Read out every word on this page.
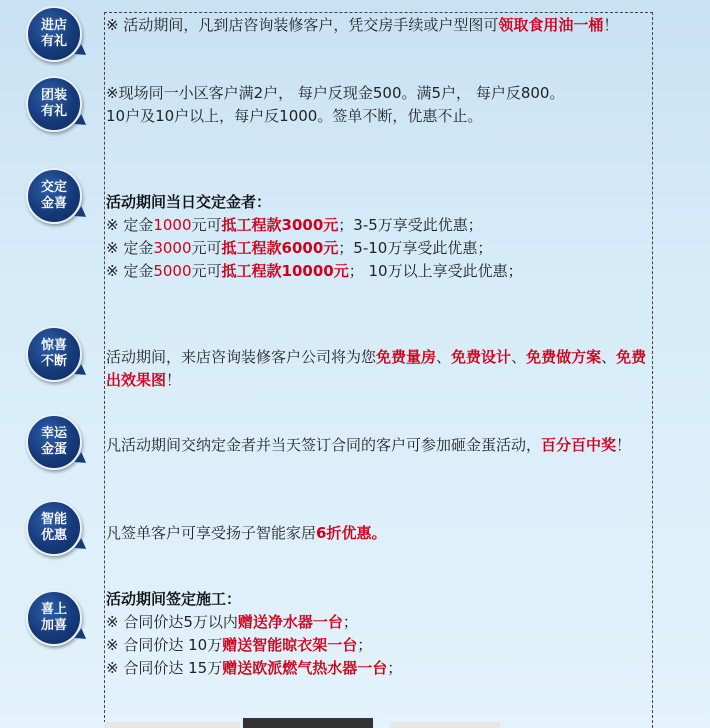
进店
有礼
团装
有礼
交定
金喜
惊喜
不断
幸运
金蛋
智能
优惠
喜上
加喜
※ 活动期间，凡到店咨询装修客户，凭交房手续或户型图可领取食用油一桶！
※现场同一小区客户满2户， 每户反现金500。满5户， 每户反800。
10户及10户以上，每户反1000。签单不断，优惠不止。
活动期间当日交定金者：
※ 定金1000元可抵工程款3000元；3-5万享受此优惠；
※ 定金3000元可抵工程款6000元；5-10万享受此优惠；
※ 定金5000元可抵工程款10000元； 10万以上享受此优惠；
活动期间，来店咨询装修客户公司将为您免费量房、免费设计、免费做方案、免费出效果图！
凡活动期间交纳定金者并当天签订合同的客户可参加砸金蛋活动，百分百中奖！
凡签单客户可享受扬子智能家居6折优惠。
活动期间签定施工：
※ 合同价达5万以内赠送净水器一台；
※ 合同价达 10万赠送智能晾衣架一台；
※ 合同价达 15万赠送欧派燃气热水器一台；
